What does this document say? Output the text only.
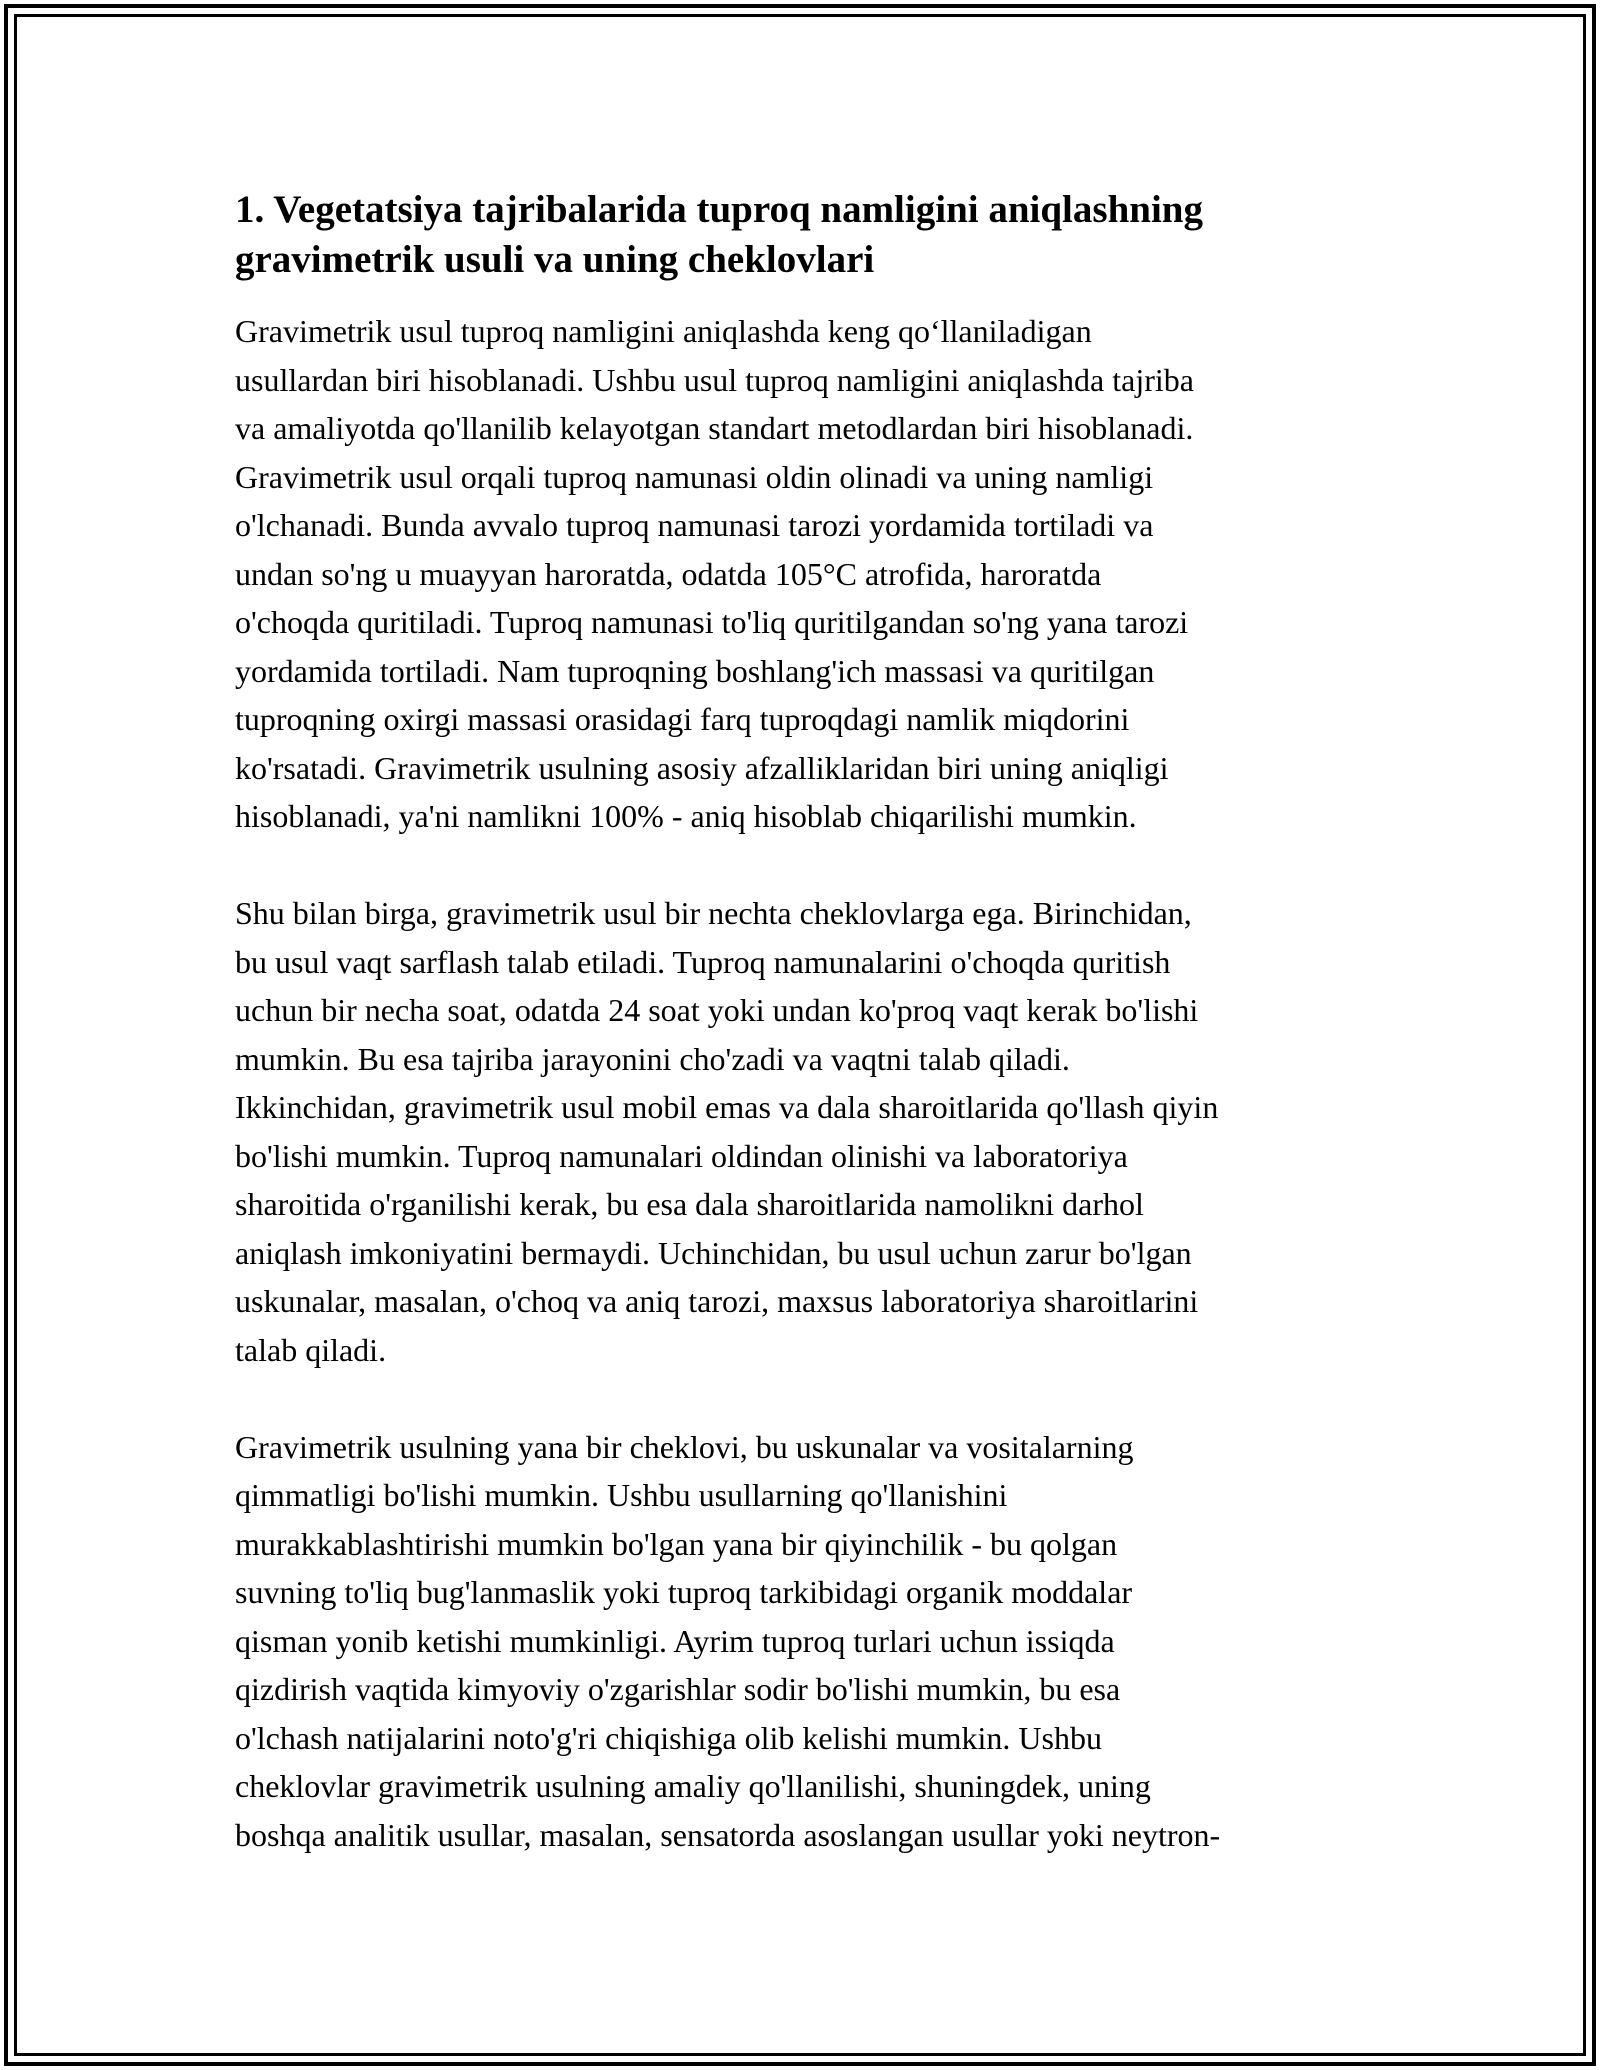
1. Vegetatsiya tajribalarida tuproq namligini aniqlashning
gravimetrik usuli va uning cheklovlari
Gravimetrik usul tuproq namligini aniqlashda keng qo‘llaniladigan
usullardan biri hisoblanadi. Ushbu usul tuproq namligini aniqlashda tajriba
va amaliyotda qo'llanilib kelayotgan standart metodlardan biri hisoblanadi.
Gravimetrik usul orqali tuproq namunasi oldin olinadi va uning namligi
o'lchanadi. Bunda avvalo tuproq namunasi tarozi yordamida tortiladi va
undan so'ng u muayyan haroratda, odatda 105°C atrofida, haroratda
o'choqda quritiladi. Tuproq namunasi to'liq quritilgandan so'ng yana tarozi
yordamida tortiladi. Nam tuproqning boshlang'ich massasi va quritilgan
tuproqning oxirgi massasi orasidagi farq tuproqdagi namlik miqdorini
ko'rsatadi. Gravimetrik usulning asosiy afzalliklaridan biri uning aniqligi
hisoblanadi, ya'ni namlikni 100% - aniq hisoblab chiqarilishi mumkin.
Shu bilan birga, gravimetrik usul bir nechta cheklovlarga ega. Birinchidan,
bu usul vaqt sarflash talab etiladi. Tuproq namunalarini o'choqda quritish
uchun bir necha soat, odatda 24 soat yoki undan ko'proq vaqt kerak bo'lishi
mumkin. Bu esa tajriba jarayonini cho'zadi va vaqtni talab qiladi.
Ikkinchidan, gravimetrik usul mobil emas va dala sharoitlarida qo'llash qiyin
bo'lishi mumkin. Tuproq namunalari oldindan olinishi va laboratoriya
sharoitida o'rganilishi kerak, bu esa dala sharoitlarida namolikni darhol
aniqlash imkoniyatini bermaydi. Uchinchidan, bu usul uchun zarur bo'lgan
uskunalar, masalan, o'choq va aniq tarozi, maxsus laboratoriya sharoitlarini
talab qiladi.
Gravimetrik usulning yana bir cheklovi, bu uskunalar va vositalarning
qimmatligi bo'lishi mumkin. Ushbu usullarning qo'llanishini
murakkablashtirishi mumkin bo'lgan yana bir qiyinchilik - bu qolgan
suvning to'liq bug'lanmaslik yoki tuproq tarkibidagi organik moddalar
qisman yonib ketishi mumkinligi. Ayrim tuproq turlari uchun issiqda
qizdirish vaqtida kimyoviy o'zgarishlar sodir bo'lishi mumkin, bu esa
o'lchash natijalarini noto'g'ri chiqishiga olib kelishi mumkin. Ushbu
cheklovlar gravimetrik usulning amaliy qo'llanilishi, shuningdek, uning
boshqa analitik usullar, masalan, sensatorda asoslangan usullar yoki neytron-
